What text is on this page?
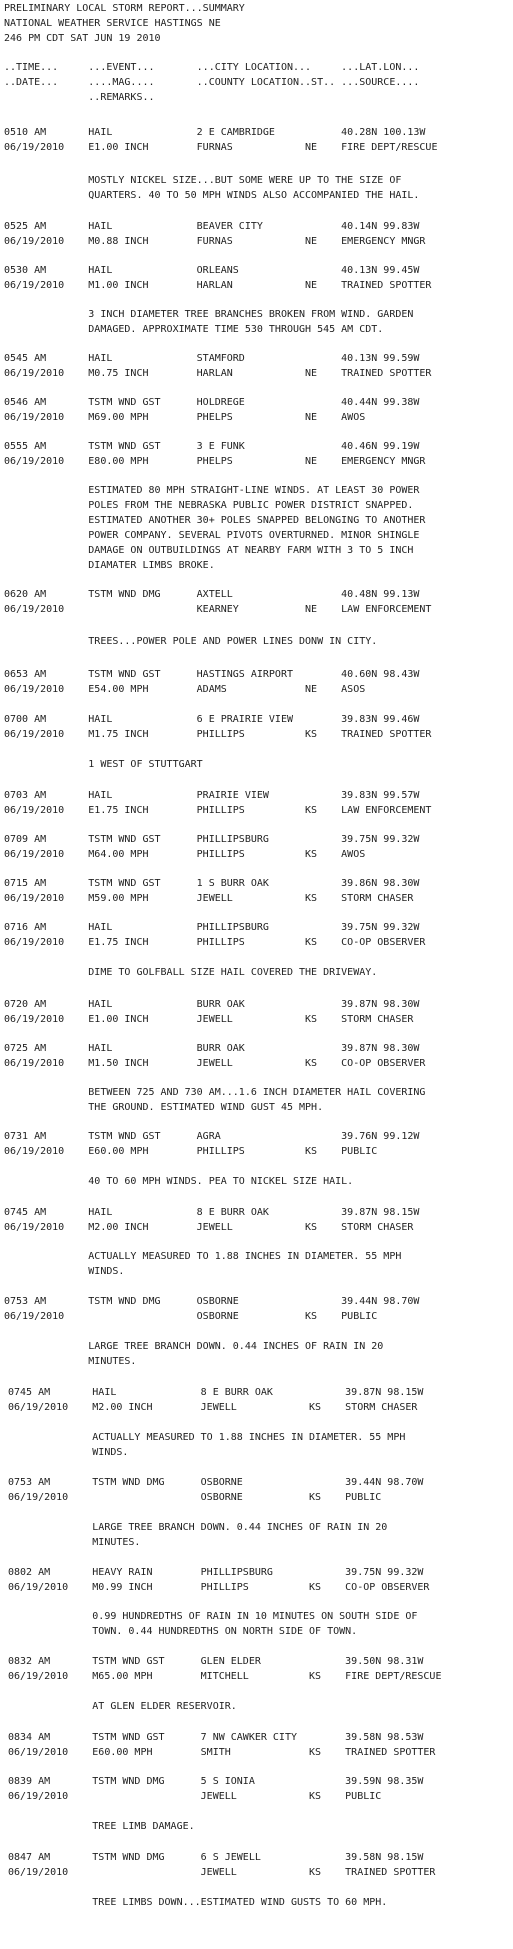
PRELIMINARY LOCAL STORM REPORT...SUMMARY
NATIONAL WEATHER SERVICE HASTINGS NE
246 PM CDT SAT JUN 19 2010
..TIME...     ...EVENT...       ...CITY LOCATION...     ...LAT.LON...
..DATE...     ....MAG....       ..COUNTY LOCATION..ST.. ...SOURCE....
..REMARKS..
0510 AM       HAIL              2 E CAMBRIDGE           40.28N 100.13W
06/19/2010    E1.00 INCH        FURNAS            NE    FIRE DEPT/RESCUE
MOSTLY NICKEL SIZE...BUT SOME WERE UP TO THE SIZE OF
QUARTERS. 40 TO 50 MPH WINDS ALSO ACCOMPANIED THE HAIL.
0525 AM       HAIL              BEAVER CITY             40.14N 99.83W
06/19/2010    M0.88 INCH        FURNAS            NE    EMERGENCY MNGR
0530 AM       HAIL              ORLEANS                 40.13N 99.45W
06/19/2010    M1.00 INCH        HARLAN            NE    TRAINED SPOTTER
3 INCH DIAMETER TREE BRANCHES BROKEN FROM WIND. GARDEN
DAMAGED. APPROXIMATE TIME 530 THROUGH 545 AM CDT.
0545 AM       HAIL              STAMFORD                40.13N 99.59W
06/19/2010    M0.75 INCH        HARLAN            NE    TRAINED SPOTTER
0546 AM       TSTM WND GST      HOLDREGE                40.44N 99.38W
06/19/2010    M69.00 MPH        PHELPS            NE    AWOS
0555 AM       TSTM WND GST      3 E FUNK                40.46N 99.19W
06/19/2010    E80.00 MPH        PHELPS            NE    EMERGENCY MNGR
ESTIMATED 80 MPH STRAIGHT-LINE WINDS. AT LEAST 30 POWER
POLES FROM THE NEBRASKA PUBLIC POWER DISTRICT SNAPPED.
ESTIMATED ANOTHER 30+ POLES SNAPPED BELONGING TO ANOTHER
POWER COMPANY. SEVERAL PIVOTS OVERTURNED. MINOR SHINGLE
DAMAGE ON OUTBUILDINGS AT NEARBY FARM WITH 3 TO 5 INCH
DIAMATER LIMBS BROKE.
0620 AM       TSTM WND DMG      AXTELL                  40.48N 99.13W
06/19/2010                      KEARNEY           NE    LAW ENFORCEMENT
TREES...POWER POLE AND POWER LINES DONW IN CITY.
0653 AM       TSTM WND GST      HASTINGS AIRPORT        40.60N 98.43W
06/19/2010    E54.00 MPH        ADAMS             NE    ASOS
0700 AM       HAIL              6 E PRAIRIE VIEW        39.83N 99.46W
06/19/2010    M1.75 INCH        PHILLIPS          KS    TRAINED SPOTTER
1 WEST OF STUTTGART
0703 AM       HAIL              PRAIRIE VIEW            39.83N 99.57W
06/19/2010    E1.75 INCH        PHILLIPS          KS    LAW ENFORCEMENT
0709 AM       TSTM WND GST      PHILLIPSBURG            39.75N 99.32W
06/19/2010    M64.00 MPH        PHILLIPS          KS    AWOS
0715 AM       TSTM WND GST      1 S BURR OAK            39.86N 98.30W
06/19/2010    M59.00 MPH        JEWELL            KS    STORM CHASER
0716 AM       HAIL              PHILLIPSBURG            39.75N 99.32W
06/19/2010    E1.75 INCH        PHILLIPS          KS    CO-OP OBSERVER
DIME TO GOLFBALL SIZE HAIL COVERED THE DRIVEWAY.
0720 AM       HAIL              BURR OAK                39.87N 98.30W
06/19/2010    E1.00 INCH        JEWELL            KS    STORM CHASER
0725 AM       HAIL              BURR OAK                39.87N 98.30W
06/19/2010    M1.50 INCH        JEWELL            KS    CO-OP OBSERVER
BETWEEN 725 AND 730 AM...1.6 INCH DIAMETER HAIL COVERING
THE GROUND. ESTIMATED WIND GUST 45 MPH.
0731 AM       TSTM WND GST      AGRA                    39.76N 99.12W
06/19/2010    E60.00 MPH        PHILLIPS          KS    PUBLIC
40 TO 60 MPH WINDS. PEA TO NICKEL SIZE HAIL.
0745 AM       HAIL              8 E BURR OAK            39.87N 98.15W
06/19/2010    M2.00 INCH        JEWELL            KS    STORM CHASER
ACTUALLY MEASURED TO 1.88 INCHES IN DIAMETER. 55 MPH
WINDS.
0753 AM       TSTM WND DMG      OSBORNE                 39.44N 98.70W
06/19/2010                      OSBORNE           KS    PUBLIC
LARGE TREE BRANCH DOWN. 0.44 INCHES OF RAIN IN 20
MINUTES.
0745 AM       HAIL              8 E BURR OAK            39.87N 98.15W
06/19/2010    M2.00 INCH        JEWELL            KS    STORM CHASER
ACTUALLY MEASURED TO 1.88 INCHES IN DIAMETER. 55 MPH
WINDS.
0753 AM       TSTM WND DMG      OSBORNE                 39.44N 98.70W
06/19/2010                      OSBORNE           KS    PUBLIC
LARGE TREE BRANCH DOWN. 0.44 INCHES OF RAIN IN 20
MINUTES.
0802 AM       HEAVY RAIN        PHILLIPSBURG            39.75N 99.32W
06/19/2010    M0.99 INCH        PHILLIPS          KS    CO-OP OBSERVER
0.99 HUNDREDTHS OF RAIN IN 10 MINUTES ON SOUTH SIDE OF
TOWN. 0.44 HUNDREDTHS ON NORTH SIDE OF TOWN.
0832 AM       TSTM WND GST      GLEN ELDER              39.50N 98.31W
06/19/2010    M65.00 MPH        MITCHELL          KS    FIRE DEPT/RESCUE
AT GLEN ELDER RESERVOIR.
0834 AM       TSTM WND GST      7 NW CAWKER CITY        39.58N 98.53W
06/19/2010    E60.00 MPH        SMITH             KS    TRAINED SPOTTER
0839 AM       TSTM WND DMG      5 S IONIA               39.59N 98.35W
06/19/2010                      JEWELL            KS    PUBLIC
TREE LIMB DAMAGE.
0847 AM       TSTM WND DMG      6 S JEWELL              39.58N 98.15W
06/19/2010                      JEWELL            KS    TRAINED SPOTTER
TREE LIMBS DOWN...ESTIMATED WIND GUSTS TO 60 MPH.
